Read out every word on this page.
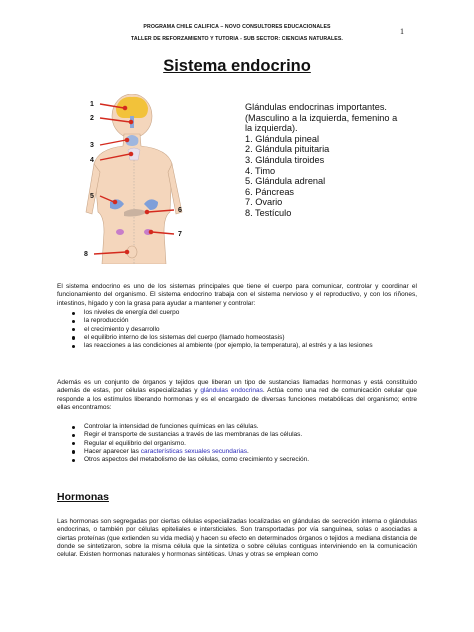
PROGRAMA CHILE CALIFICA – NOVO CONSULTORES EDUCACIONALES
TALLER DE REFORZAMIENTO Y TUTORIA - SUB SECTOR: CIENCIAS NATURALES.
1
Sistema endocrino
1
2
3
4
5
6
7
8
Glándulas endocrinas importantes.
(Masculino a la izquierda, femenino a
la izquierda).
1. Glándula pineal
2. Glándula pituitaria
3. Glándula tiroides
4. Timo
5. Glándula adrenal
6. Páncreas
7. Ovario
8. Testículo
El sistema endocrino es uno de los sistemas principales que tiene el cuerpo para comunicar, controlar y coordinar el funcionamiento del organismo. El sistema endocrino trabaja con el sistema nervioso y el reproductivo, y con los riñones, intestinos, hígado y con la grasa para ayudar a mantener y controlar:
los niveles de energía del cuerpo
la reproducción
el crecimiento y desarrollo
el equilibrio interno de los sistemas del cuerpo (llamado homeostasis)
las reacciones a las condiciones al ambiente (por ejemplo, la temperatura), al estrés y a las lesiones
Además es un conjunto de órganos y tejidos que liberan un tipo de sustancias llamadas hormonas y está constituido además de estas, por células especializadas y glándulas endocrinas. Actúa como una red de comunicación celular que responde a los estímulos liberando hormonas y es el encargado de diversas funciones metabólicas del organismo; entre ellas encontramos:
Controlar la intensidad de funciones químicas en las células.
Regir el transporte de sustancias a través de las membranas de las células.
Regular el equilibrio del organismo.
Hacer aparecer las características sexuales secundarias.
Otros aspectos del metabolismo de las células, como crecimiento y secreción.
Hormonas
Las hormonas son segregadas por ciertas células especializadas localizadas en glándulas de secreción interna o glándulas endocrinas, o también por células epiteliales e intersticiales. Son transportadas por vía sanguínea, solas o asociadas a ciertas proteínas (que extienden su vida media) y hacen su efecto en determinados órganos o tejidos a mediana distancia de donde se sintetizaron, sobre la misma célula que la sintetiza o sobre células contiguas interviniendo en la comunicación celular. Existen hormonas naturales y hormonas sintéticas. Unas y otras se emplean como
